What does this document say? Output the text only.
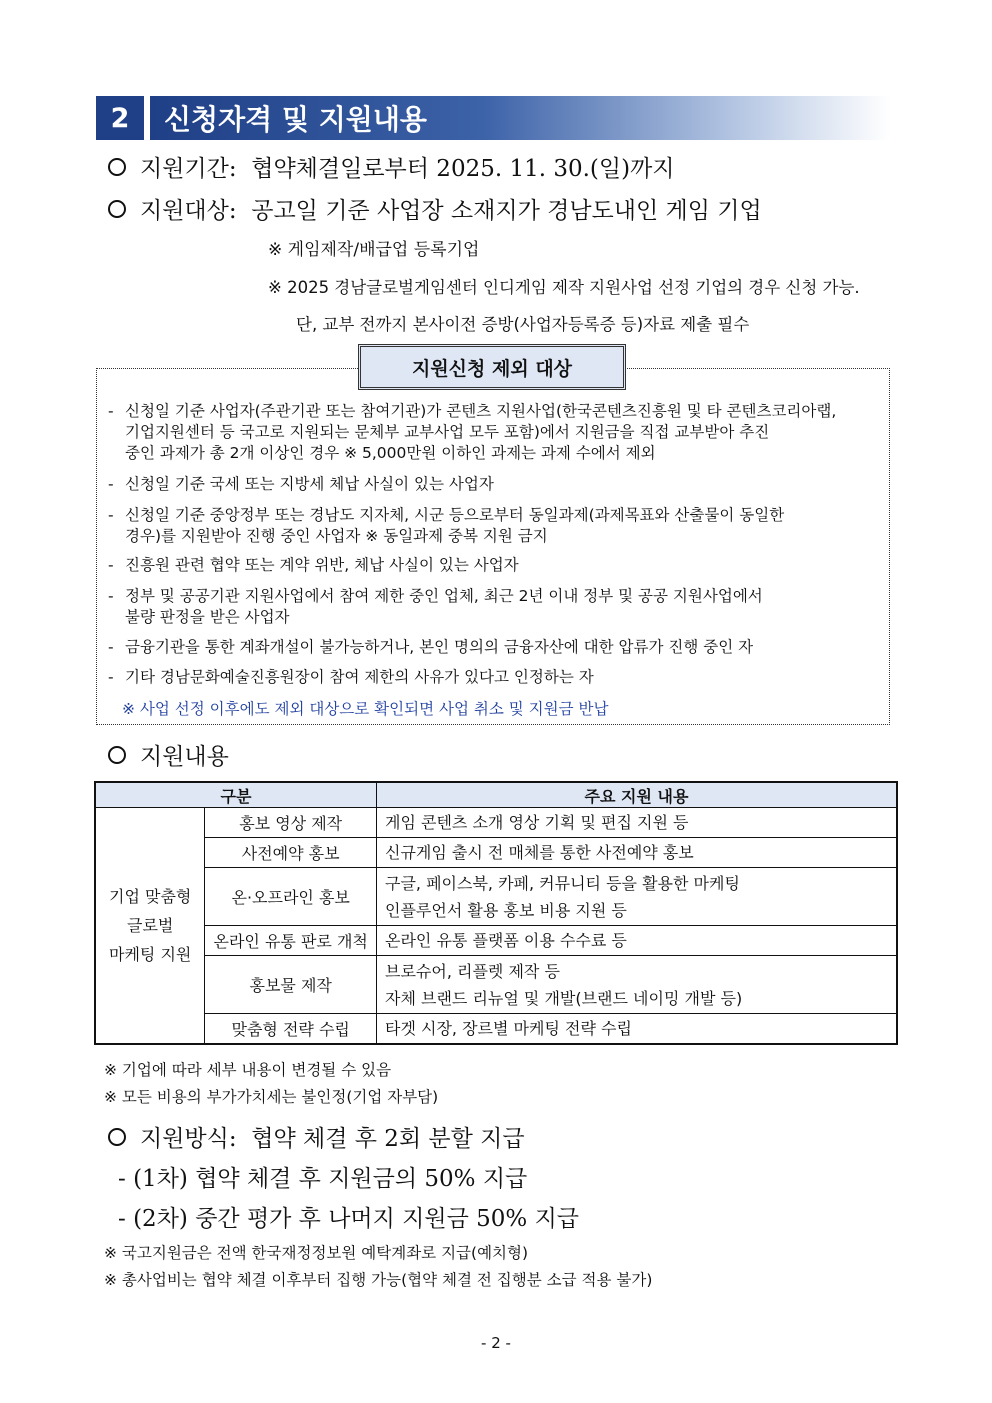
2	신청자격 및 지원내용
지원기간: 협약체결일로부터 2025. 11. 30.(일)까지
지원대상: 공고일 기준 사업장 소재지가 경남도내인 게임 기업
※ 게임제작/배급업 등록기업
※ 2025 경남글로벌게임센터 인디게임 제작 지원사업 선정 기업의 경우 신청 가능.
단, 교부 전까지 본사이전 증방(사업자등록증 등)자료 제출 필수
지원신청 제외 대상
- 신청일 기준 사업자(주관기관 또는 참여기관)가 콘텐츠 지원사업(한국콘텐츠진흥원 및 타 콘텐츠코리아랩,
기업지원센터 등 국고로 지원되는 문체부 교부사업 모두 포함)에서 지원금을 직접 교부받아 추진
중인 과제가 총 2개 이상인 경우 ※ 5,000만원 이하인 과제는 과제 수에서 제외
- 신청일 기준 국세 또는 지방세 체납 사실이 있는 사업자
- 신청일 기준 중앙정부 또는 경남도 지자체, 시군 등으로부터 동일과제(과제목표와 산출물이 동일한
경우)를 지원받아 진행 중인 사업자 ※ 동일과제 중복 지원 금지
- 진흥원 관련 협약 또는 계약 위반, 체납 사실이 있는 사업자
- 정부 및 공공기관 지원사업에서 참여 제한 중인 업체, 최근 2년 이내 정부 및 공공 지원사업에서
불량 판정을 받은 사업자
- 금융기관을 통한 계좌개설이 불가능하거나, 본인 명의의 금융자산에 대한 압류가 진행 중인 자
- 기타 경남문화예술진흥원장이 참여 제한의 사유가 있다고 인정하는 자
※ 사업 선정 이후에도 제외 대상으로 확인되면 사업 취소 및 지원금 반납
지원내용
구분		주요 지원 내용

기업 맞춤형
글로벌
마케팅 지원	홍보 영상 제작	게임 콘텐츠 소개 영상 기획 및 편집 지원 등

	사전예약 홍보	신규게임 출시 전 매체를 통한 사전예약 홍보

	온·오프라인 홍보	구글, 페이스북, 카페, 커뮤니티 등을 활용한 마케팅
인플루언서 활용 홍보 비용 지원 등

	온라인 유통 판로 개척	온라인 유통 플랫폼 이용 수수료 등

	홍보물 제작	브로슈어, 리플렛 제작 등
자체 브랜드 리뉴얼 및 개발(브랜드 네이밍 개발 등)

	맞춤형 전략 수립	타겟 시장, 장르별 마케팅 전략 수립
※ 기업에 따라 세부 내용이 변경될 수 있음
※ 모든 비용의 부가가치세는 불인정(기업 자부담)
지원방식: 협약 체결 후 2회 분할 지급
- (1차) 협약 체결 후 지원금의 50% 지급
- (2차) 중간 평가 후 나머지 지원금 50% 지급
※ 국고지원금은 전액 한국재정정보원 예탁계좌로 지급(예치형)
※ 총사업비는 협약 체결 이후부터 집행 가능(협약 체결 전 집행분 소급 적용 불가)
- 2 -
